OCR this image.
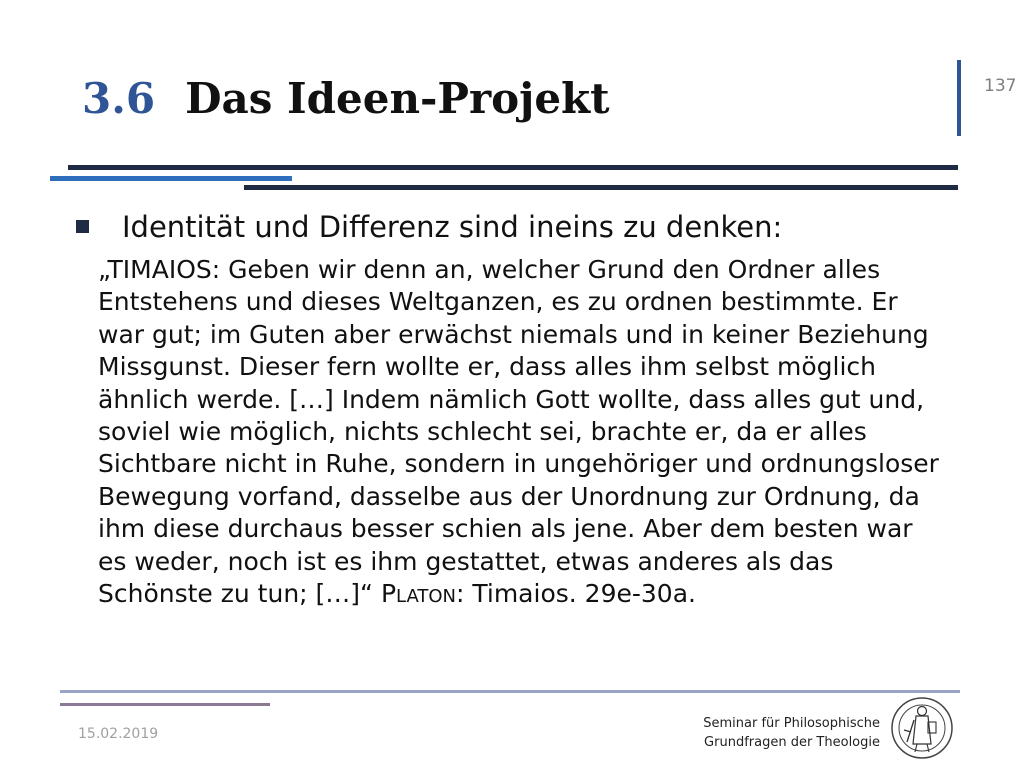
3.6 Das Ideen-Projekt	137

Identität und Differenz sind ineins zu denken:

„TIMAIOS: Geben wir denn an, welcher Grund den Ordner alles Entstehens und dieses Weltganzen, es zu ordnen bestimmte. Er war gut; im Guten aber erwächst niemals und in keiner Beziehung Missgunst. Dieser fern wollte er, dass alles ihm selbst möglich ähnlich werde. […] Indem nämlich Gott wollte, dass alles gut und, soviel wie möglich, nichts schlecht sei, brachte er, da er alles Sichtbare nicht in Ruhe, sondern in ungehöriger und ordnungsloser Bewegung vorfand, dasselbe aus der Unordnung zur Ordnung, da ihm diese durchaus besser schien als jene. Aber dem besten war es weder, noch ist es ihm gestattet, etwas anderes als das Schönste zu tun; […]“ Platon: Timaios. 29e-30a.

15.02.2019
Seminar für Philosophische
Grundfragen der Theologie
